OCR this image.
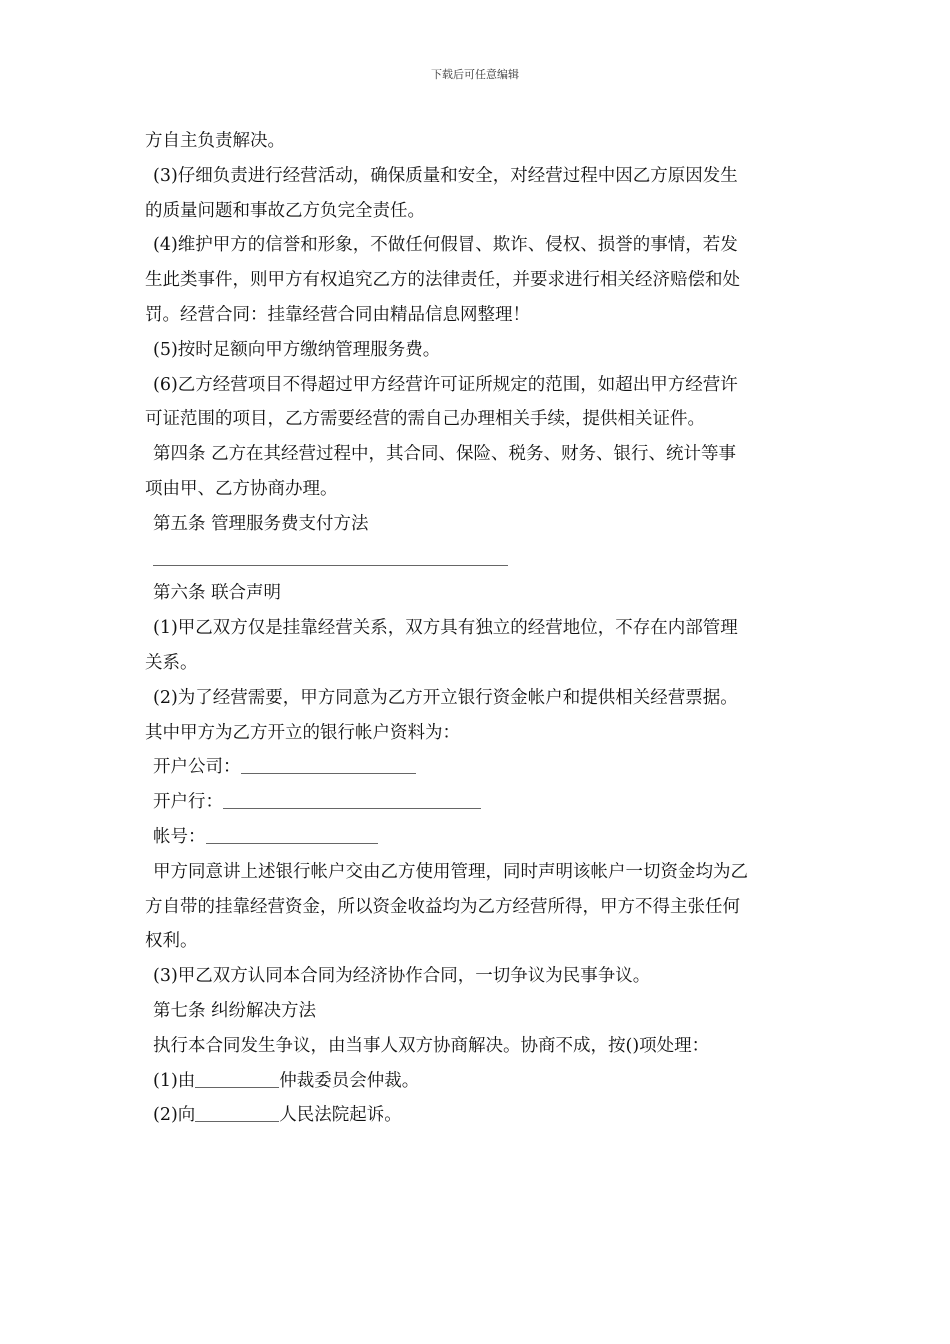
下载后可任意编辑
方自主负责解决。
(3)仔细负责进行经营活动，确保质量和安全，对经营过程中因乙方原因发生
的质量问题和事故乙方负完全责任。
(4)维护甲方的信誉和形象，不做任何假冒、欺诈、侵权、损誉的事情，若发
生此类事件，则甲方有权追究乙方的法律责任，并要求进行相关经济赔偿和处
罚。经营合同：挂靠经营合同由精品信息网整理！
(5)按时足额向甲方缴纳管理服务费。
(6)乙方经营项目不得超过甲方经营许可证所规定的范围，如超出甲方经营许
可证范围的项目，乙方需要经营的需自己办理相关手续，提供相关证件。
第四条 乙方在其经营过程中，其合同、保险、税务、财务、银行、统计等事
项由甲、乙方协商办理。
第五条 管理服务费支付方法
第六条 联合声明
(1)甲乙双方仅是挂靠经营关系，双方具有独立的经营地位，不存在内部管理
关系。
(2)为了经营需要，甲方同意为乙方开立银行资金帐户和提供相关经营票据。
其中甲方为乙方开立的银行帐户资料为：
开户公司：
开户行：
帐号：
甲方同意讲上述银行帐户交由乙方使用管理，同时声明该帐户一切资金均为乙
方自带的挂靠经营资金，所以资金收益均为乙方经营所得，甲方不得主张任何
权利。
(3)甲乙双方认同本合同为经济协作合同，一切争议为民事争议。
第七条 纠纷解决方法
执行本合同发生争议，由当事人双方协商解决。协商不成，按()项处理：
(1)由	仲裁委员会仲裁。
(2)向	人民法院起诉。
